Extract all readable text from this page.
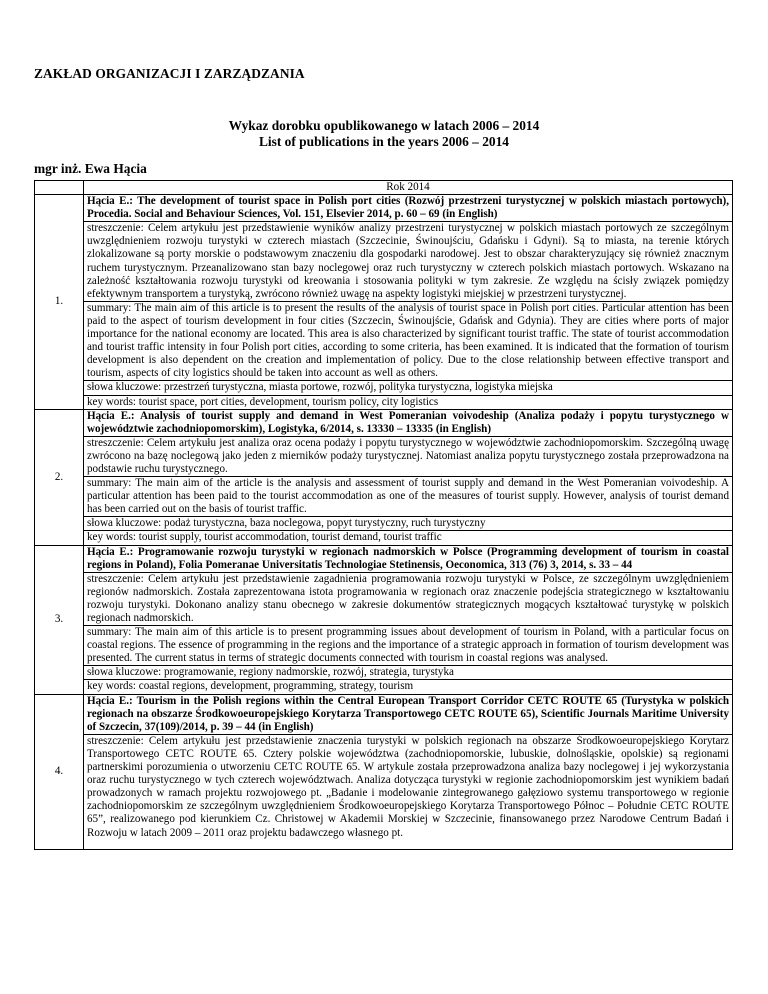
ZAKŁAD ORGANIZACJI I ZARZĄDZANIA
Wykaz dorobku opublikowanego w latach 2006 – 2014
List of publications in the years 2006 – 2014
mgr inż. Ewa Hącia
	Rok 2014
1.	Hącia E.: The development of tourist space in Polish port cities (Rozwój przestrzeni turystycznej w polskich miastach portowych), Procedia. Social and Behaviour Sciences, Vol. 151, Elsevier 2014, p. 60 – 69 (in English)
	streszczenie: Celem artykułu jest przedstawienie wyników analizy przestrzeni turystycznej w polskich miastach portowych ze szczególnym uwzględnieniem rozwoju turystyki w czterech miastach (Szczecinie, Świnoujściu, Gdańsku i Gdyni). Są to miasta, na terenie których zlokalizowane są porty morskie o podstawowym znaczeniu dla gospodarki narodowej. Jest to obszar charakteryzujący się również znacznym ruchem turystycznym. Przeanalizowano stan bazy noclegowej oraz ruch turystyczny w czterech polskich miastach portowych. Wskazano na zależność kształtowania rozwoju turystyki od kreowania i stosowania polityki w tym zakresie. Ze względu na ścisły związek pomiędzy efektywnym transportem a turystyką, zwrócono również uwagę na aspekty logistyki miejskiej w przestrzeni turystycznej.
	summary: The main aim of this article is to present the results of the analysis of tourist space in Polish port cities. Particular attention has been paid to the aspect of tourism development in four cities (Szczecin, Świnoujście, Gdańsk and Gdynia). They are cities where ports of major importance for the national economy are located. This area is also characterized by significant tourist traffic. The state of tourist accommodation and tourist traffic intensity in four Polish port cities, according to some criteria, has been examined. It is indicated that the formation of tourism development is also dependent on the creation and implementation of policy. Due to the close relationship between effective transport and tourism, aspects of city logistics should be taken into account as well as others.
	słowa kluczowe: przestrzeń turystyczna, miasta portowe, rozwój, polityka turystyczna, logistyka miejska
	key words: tourist space, port cities, development, tourism policy, city logistics
2.	Hącia E.: Analysis of tourist supply and demand in West Pomeranian voivodeship (Analiza podaży i popytu turystycznego w województwie zachodniopomorskim), Logistyka, 6/2014, s. 13330 – 13335 (in English)
	streszczenie: Celem artykułu jest analiza oraz ocena podaży i popytu turystycznego w województwie zachodniopomorskim. Szczególną uwagę zwrócono na bazę noclegową jako jeden z mierników podaży turystycznej. Natomiast analiza popytu turystycznego została przeprowadzona na podstawie ruchu turystycznego.
	summary: The main aim of the article is the analysis and assessment of tourist supply and demand in the West Pomeranian voivodeship. A particular attention has been paid to the tourist accommodation as one of the measures of tourist supply. However, analysis of tourist demand has been carried out on the basis of tourist traffic.
	słowa kluczowe: podaż turystyczna, baza noclegowa, popyt turystyczny, ruch turystyczny
	key words: tourist supply, tourist accommodation, tourist demand, tourist traffic
3.	Hącia E.: Programowanie rozwoju turystyki w regionach nadmorskich w Polsce (Programming development of tourism in coastal regions in Poland), Folia Pomeranae Universitatis Technologiae Stetinensis, Oeconomica, 313 (76) 3, 2014, s. 33 – 44
	streszczenie: Celem artykułu jest przedstawienie zagadnienia programowania rozwoju turystyki w Polsce, ze szczególnym uwzględnieniem regionów nadmorskich. Została zaprezentowana istota programowania w regionach oraz znaczenie podejścia strategicznego w kształtowaniu rozwoju turystyki. Dokonano analizy stanu obecnego w zakresie dokumentów strategicznych mogących kształtować turystykę w polskich regionach nadmorskich.
	summary: The main aim of this article is to present programming issues about development of tourism in Poland, with a particular focus on coastal regions. The essence of programming in the regions and the importance of a strategic approach in formation of tourism development was presented. The current status in terms of strategic documents connected with tourism in coastal regions was analysed.
	słowa kluczowe: programowanie, regiony nadmorskie, rozwój, strategia, turystyka
	key words: coastal regions, development, programming, strategy, tourism
4.	Hącia E.: Tourism in the Polish regions within the Central European Transport Corridor CETC ROUTE 65 (Turystyka w polskich regionach na obszarze Środkowoeuropejskiego Korytarza Transportowego CETC ROUTE 65), Scientific Journals Maritime University of Szczecin, 37(109)/2014, p. 39 – 44 (in English)

	streszczenie: Celem artykułu jest przedstawienie znaczenia turystyki w polskich regionach na obszarze Środkowoeuropejskiego Korytarz Transportowego CETC ROUTE 65. Cztery polskie województwa (zachodniopomorskie, lubuskie, dolnośląskie, opolskie) są regionami partnerskimi porozumienia o utworzeniu CETC ROUTE 65. W artykule została przeprowadzona analiza bazy noclegowej i jej wykorzystania oraz ruchu turystycznego w tych czterech województwach. Analiza dotycząca turystyki w regionie zachodniopomorskim jest wynikiem badań prowadzonych w ramach projektu rozwojowego pt. „Badanie i modelowanie zintegrowanego gałęziowo systemu transportowego w regionie zachodniopomorskim ze szczególnym uwzględnieniem Środkowoeuropejskiego Korytarza Transportowego Północ – Południe CETC ROUTE 65”, realizowanego pod kierunkiem Cz. Christowej w Akademii Morskiej w Szczecinie, finansowanego przez Narodowe Centrum Badań i Rozwoju w latach 2009 – 2011 oraz projektu badawczego własnego pt.
